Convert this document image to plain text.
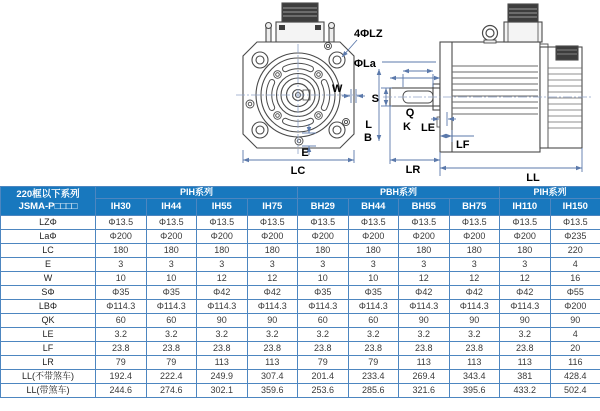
4ΦLZ
ΦLa
W
E
LC
L
B
S
Q
K LE
LF
LR
LL
220框以下系列
JSMA-P□□□□	PIH系列				PBH系列				PIH系列	
	IH30	IH44	IH55	IH75	BH29	BH44	BH55	BH75	IH110	IH150
LZΦ	Φ13.5	Φ13.5	Φ13.5	Φ13.5	Φ13.5	Φ13.5	Φ13.5	Φ13.5	Φ13.5	Φ13.5
LaΦ	Φ200	Φ200	Φ200	Φ200	Φ200	Φ200	Φ200	Φ200	Φ200	Φ235
LC	180	180	180	180	180	180	180	180	180	220
E	3	3	3	3	3	3	3	3	3	4
W	10	10	12	12	10	10	12	12	12	16
SΦ	Φ35	Φ35	Φ42	Φ42	Φ35	Φ35	Φ42	Φ42	Φ42	Φ55
LBΦ	Φ114.3	Φ114.3	Φ114.3	Φ114.3	Φ114.3	Φ114.3	Φ114.3	Φ114.3	Φ114.3	Φ200
QK	60	60	90	90	60	60	90	90	90	90
LE	3.2	3.2	3.2	3.2	3.2	3.2	3.2	3.2	3.2	4
LF	23.8	23.8	23.8	23.8	23.8	23.8	23.8	23.8	23.8	20
LR	79	79	113	113	79	79	113	113	113	116
LL(不带煞车)	192.4	222.4	249.9	307.4	201.4	233.4	269.4	343.4	381	428.4
LL(带煞车)	244.6	274.6	302.1	359.6	253.6	285.6	321.6	395.6	433.2	502.4
